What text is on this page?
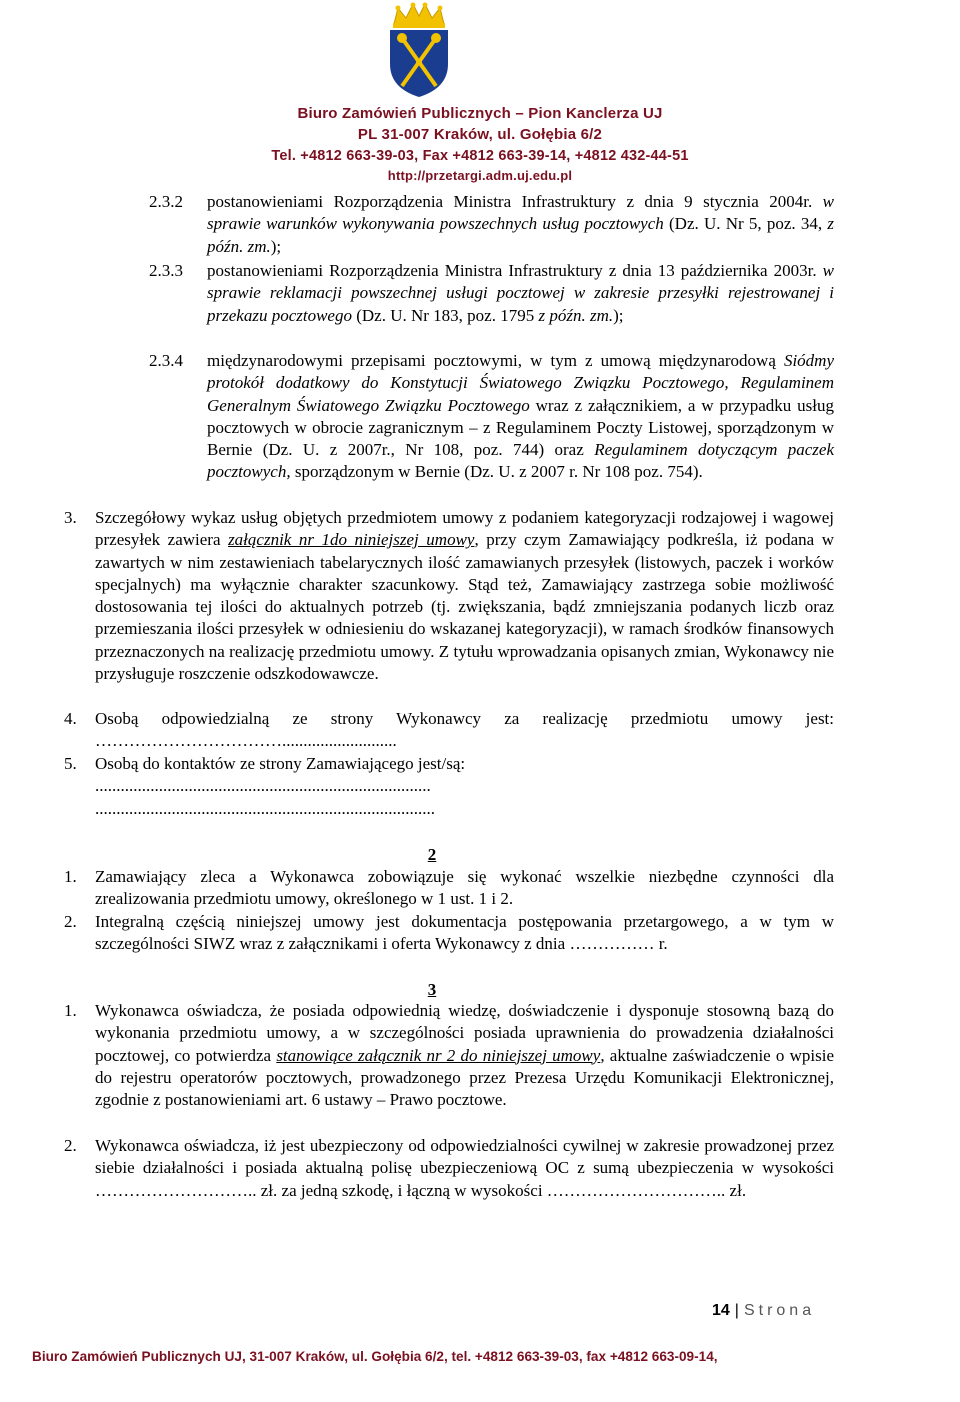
Biuro Zamówień Publicznych – Pion Kanclerza UJ
PL 31-007 Kraków, ul. Gołębia 6/2
Tel. +4812 663-39-03, Fax +4812 663-39-14, +4812 432-44-51
http://przetargi.adm.uj.edu.pl
2.3.2 postanowieniami Rozporządzenia Ministra Infrastruktury z dnia 9 stycznia 2004r. w sprawie warunków wykonywania powszechnych usług pocztowych (Dz. U. Nr 5, poz. 34, z późn. zm.);

2.3.3 postanowieniami Rozporządzenia Ministra Infrastruktury z dnia 13 października 2003r. w sprawie reklamacji powszechnej usługi pocztowej w zakresie przesyłki rejestrowanej i przekazu pocztowego (Dz. U. Nr 183, poz. 1795 z późn. zm.);

2.3.4 międzynarodowymi przepisami pocztowymi, w tym z umową międzynarodową Siódmy protokół dodatkowy do Konstytucji Światowego Związku Pocztowego, Regulaminem Generalnym Światowego Związku Pocztowego wraz z załącznikiem, a w przypadku usług pocztowych w obrocie zagranicznym – z Regulaminem Poczty Listowej, sporządzonym w Bernie (Dz. U. z 2007r., Nr 108, poz. 744) oraz Regulaminem dotyczącym paczek pocztowych, sporządzonym w Bernie (Dz. U. z 2007 r. Nr 108 poz. 754).

3. Szczegółowy wykaz usług objętych przedmiotem umowy z podaniem kategoryzacji rodzajowej i wagowej przesyłek zawiera załącznik nr 1do niniejszej umowy, przy czym Zamawiający podkreśla, iż podana w zawartych w nim zestawieniach tabelarycznych ilość zamawianych przesyłek (listowych, paczek i worków specjalnych) ma wyłącznie charakter szacunkowy. Stąd też, Zamawiający zastrzega sobie możliwość dostosowania tej ilości do aktualnych potrzeb (tj. zwiększania, bądź zmniejszania podanych liczb oraz przemieszania ilości przesyłek w odniesieniu do wskazanej kategoryzacji), w ramach środków finansowych przeznaczonych na realizację przedmiotu umowy. Z tytułu wprowadzania opisanych zmian, Wykonawcy nie przysługuje roszczenie odszkodowawcze.

4. Osobą odpowiedzialną ze strony Wykonawcy za realizację przedmiotu umowy jest: ……………………………...........................

5. Osobą do kontaktów ze strony Zamawiającego jest/są:
...............................................................................
................................................................................
2
1. Zamawiający zleca a Wykonawca zobowiązuje się wykonać wszelkie niezbędne czynności dla zrealizowania przedmiotu umowy, określonego w 1 ust. 1 i 2.

2. Integralną częścią niniejszej umowy jest dokumentacja postępowania przetargowego, a w tym w szczególności SIWZ wraz z załącznikami i oferta Wykonawcy z dnia …………… r.

3
1. Wykonawca oświadcza, że posiada odpowiednią wiedzę, doświadczenie i dysponuje stosowną bazą do wykonania przedmiotu umowy, a w szczególności posiada uprawnienia do prowadzenia działalności pocztowej, co potwierdza stanowiące załącznik nr 2 do niniejszej umowy, aktualne zaświadczenie o wpisie do rejestru operatorów pocztowych, prowadzonego przez Prezesa Urzędu Komunikacji Elektronicznej, zgodnie z postanowieniami art. 6 ustawy – Prawo pocztowe.

2. Wykonawca oświadcza, iż jest ubezpieczony od odpowiedzialności cywilnej w zakresie prowadzonej przez siebie działalności i posiada aktualną polisę ubezpieczeniową OC z sumą ubezpieczenia w wysokości ……………………….. zł. za jedną szkodę, i łączną w wysokości ………………………….. zł.

14 | Strona
Biuro Zamówień Publicznych UJ, 31-007 Kraków, ul. Gołębia 6/2, tel. +4812 663-39-03, fax +4812 663-09-14,
